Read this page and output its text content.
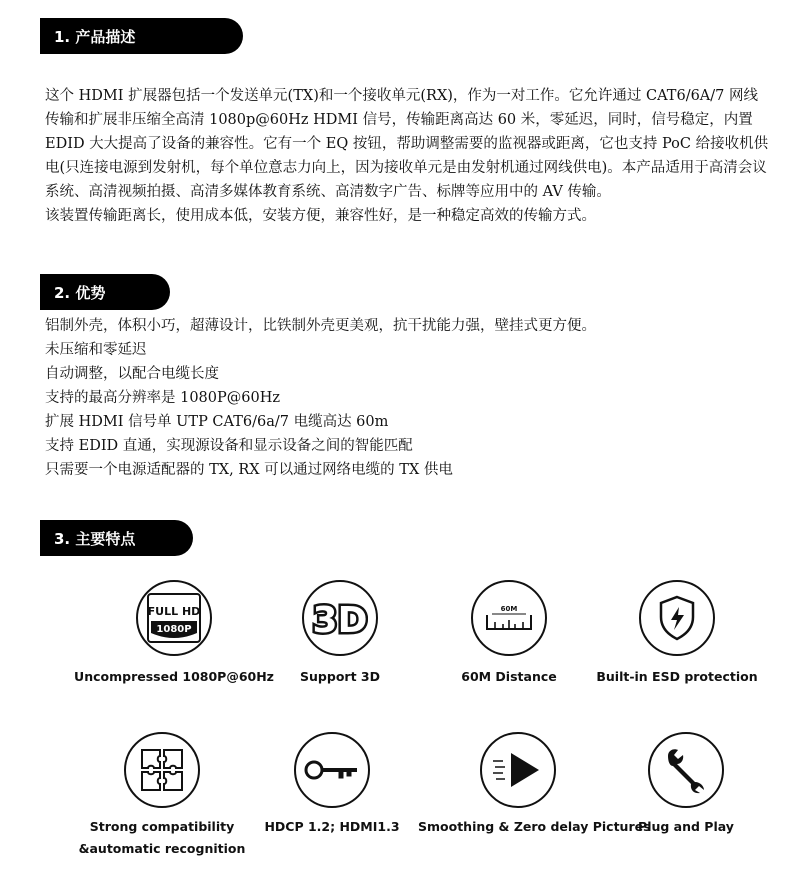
1. 产品描述

这个 HDMI 扩展器包括一个发送单元(TX)和一个接收单元(RX)，作为一对工作。它允许通过 CAT6/6A/7 网线传输和扩展非压缩全高清 1080p@60Hz HDMI 信号，传输距离高达 60 米，零延迟，同时，信号稳定，内置 EDID 大大提高了设备的兼容性。它有一个 EQ 按钮，帮助调整需要的监视器或距离，它也支持 PoC 给接收机供电(只连接电源到发射机，每个单位意志力向上，因为接收单元是由发射机通过网线供电)。本产品适用于高清会议系统、高清视频拍摄、高清多媒体教育系统、高清数字广告、标牌等应用中的 AV 传输。

该装置传输距离长，使用成本低，安装方便，兼容性好，是一种稳定高效的传输方式。

2. 优势

铝制外壳，体积小巧，超薄设计，比铁制外壳更美观，抗干扰能力强，壁挂式更方便。

未压缩和零延迟

自动调整，以配合电缆长度

支持的最高分辨率是 1080P@60Hz

扩展 HDMI 信号单 UTP CAT6/6a/7 电缆高达 60m

支持 EDID 直通，实现源设备和显示设备之间的智能匹配

只需要一个电源适配器的 TX, RX 可以通过网络电缆的 TX 供电

3. 主要特点
FULL HD
1080P
Uncompressed 1080P@60Hz
3D
Support 3D
60M
60M Distance	Built-in ESD protection
Strong compatibility
&automatic recognition
HDCP 1.2; HDMI1.3	Smoothing & Zero delay Pictures
Plug and Play
